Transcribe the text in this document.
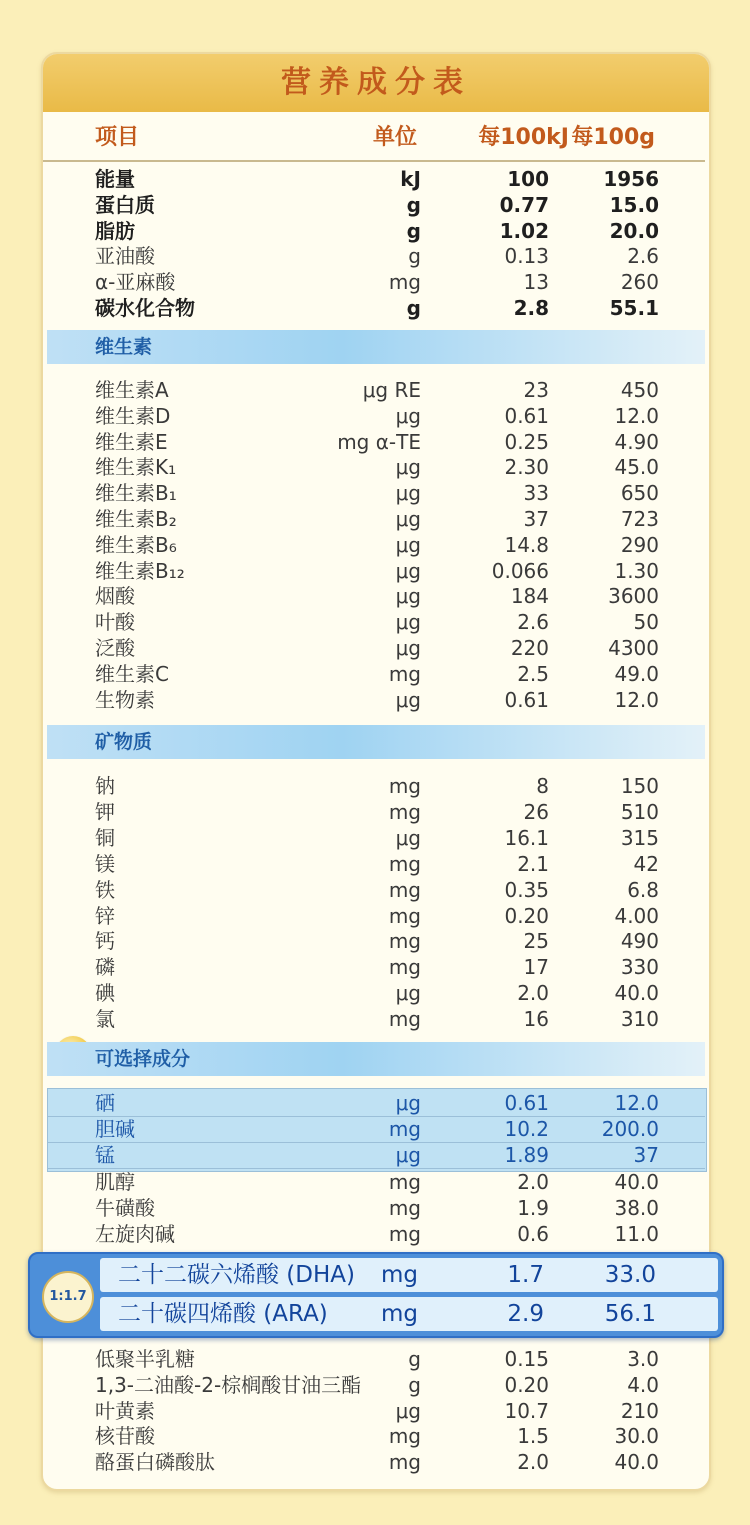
营养成分表
项目	单位	每100kJ 每100g
能量	kJ	100	1956
蛋白质	g	0.77	15.0
脂肪	g	1.02	20.0
亚油酸	g	0.13	2.6
α-亚麻酸	mg	13	260
碳水化合物	g	2.8	55.1
维生素
维生素A	μg RE	23	450
维生素D	μg	0.61	12.0
维生素E	mg α-TE	0.25	4.90
维生素K₁	μg	2.30	45.0
维生素B₁	μg	33	650
维生素B₂	μg	37	723
维生素B₆	μg	14.8	290
维生素B₁₂	μg	0.066	1.30
烟酸	μg	184	3600
叶酸	μg	2.6	50
泛酸	μg	220	4300
维生素C	mg	2.5	49.0
生物素	μg	0.61	12.0
矿物质
钠	mg	8	150
钾	mg	26	510
铜	μg	16.1	315
镁	mg	2.1	42
铁	mg	0.35	6.8
锌	mg	0.20	4.00
钙	mg	25	490
磷	mg	17	330
碘	μg	2.0	40.0
氯	mg	16	310
可选择成分
硒	μg	0.61	12.0
胆碱	mg	10.2	200.0
锰	μg	1.89	37
肌醇	mg	2.0	40.0
牛磺酸	mg	1.9	38.0
左旋肉碱	mg	0.6	11.0
低聚半乳糖	g	0.15	3.0
1,3-二油酸-2-棕榈酸甘油三酯 g	0.20	4.0
叶黄素	μg	10.7	210
核苷酸	mg	1.5	30.0
酪蛋白磷酸肽	mg	2.0	40.0
1:1.7
二十二碳六烯酸 (DHA) mg	1.7	33.0
二十碳四烯酸 (ARA) mg	2.9	56.1
